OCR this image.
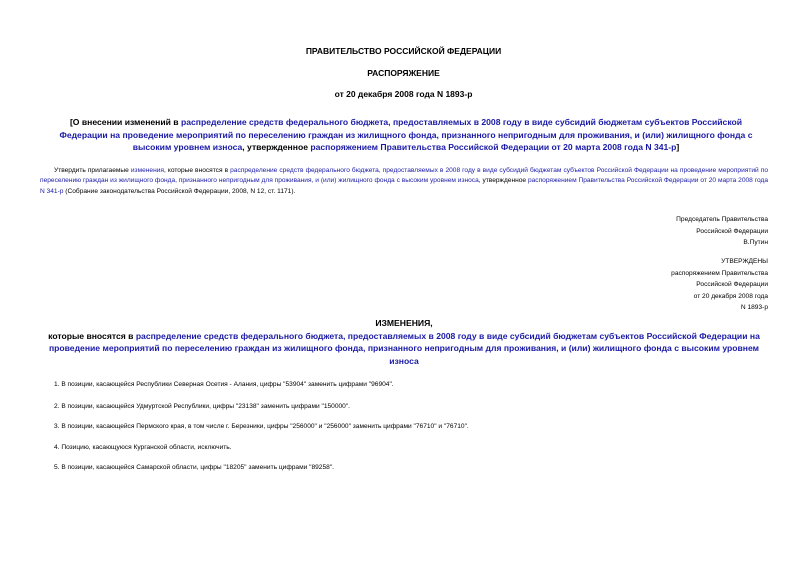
ПРАВИТЕЛЬСТВО РОССИЙСКОЙ ФЕДЕРАЦИИ
РАСПОРЯЖЕНИЕ
от 20 декабря 2008 года N 1893-р
[О внесении изменений в распределение средств федерального бюджета, предоставляемых в 2008 году в виде субсидий бюджетам субъектов Российской Федерации на проведение мероприятий по переселению граждан из жилищного фонда, признанного непригодным для проживания, и (или) жилищного фонда с высоким уровнем износа, утвержденное распоряжением Правительства Российской Федерации от 20 марта 2008 года N 341-р]
Утвердить прилагаемые изменения, которые вносятся в распределение средств федерального бюджета, предоставляемых в 2008 году в виде субсидий бюджетам субъектов Российской Федерации на проведение мероприятий по переселению граждан из жилищного фонда, признанного непригодным для проживания, и (или) жилищного фонда с высоким уровнем износа, утвержденное распоряжением Правительства Российской Федерации от 20 марта 2008 года N 341-р (Собрание законодательства Российской Федерации, 2008, N 12, ст. 1171).
Председатель Правительства
Российской Федерации
В.Путин
УТВЕРЖДЕНЫ
распоряжением Правительства
Российской Федерации
от 20 декабря 2008 года
N 1893-р
ИЗМЕНЕНИЯ,
которые вносятся в распределение средств федерального бюджета, предоставляемых в 2008 году в виде субсидий бюджетам субъектов Российской Федерации на проведение мероприятий по переселению граждан из жилищного фонда, признанного непригодным для проживания, и (или) жилищного фонда с высоким уровнем износа
1. В позиции, касающейся Республики Северная Осетия - Алания, цифры "53904" заменить цифрами "96904".
2. В позиции, касающейся Удмуртской Республики, цифры "23138" заменить цифрами "150000".
3. В позиции, касающейся Пермского края, в том числе г. Березники, цифры "256000" и "256000" заменить цифрами "76710" и "76710".
4. Позицию, касающуюся Курганской области, исключить.
5. В позиции, касающейся Самарской области, цифры "18205" заменить цифрами "89258".
